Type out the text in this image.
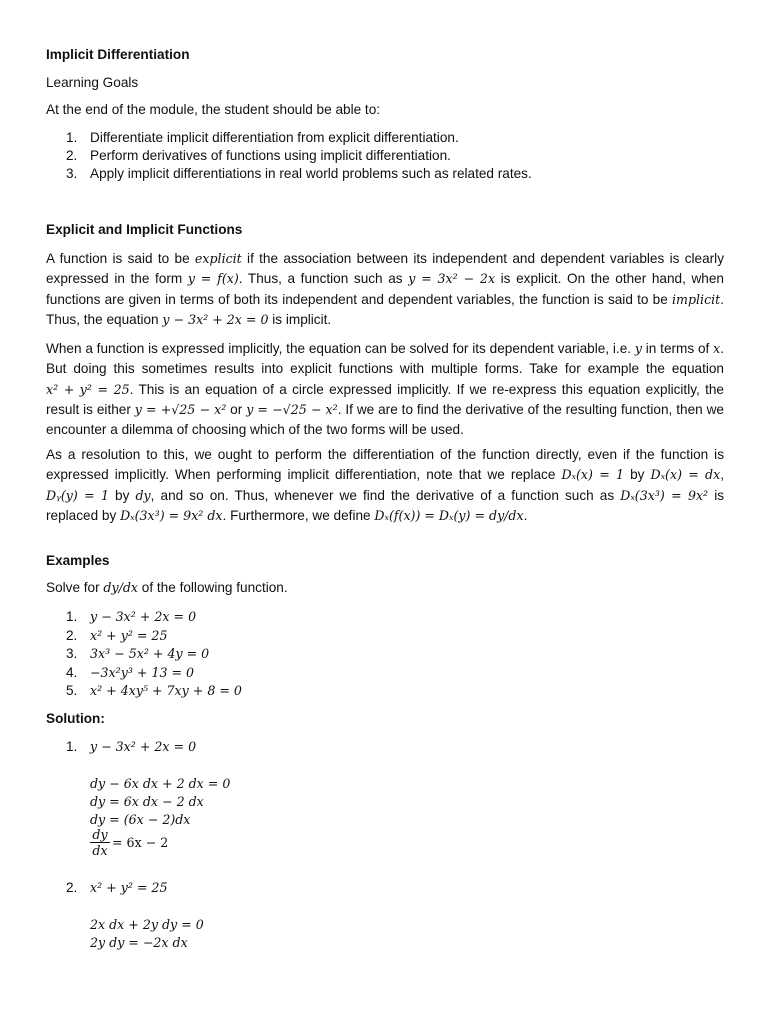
Implicit Differentiation
Learning Goals
At the end of the module, the student should be able to:
1. Differentiate implicit differentiation from explicit differentiation.
2. Perform derivatives of functions using implicit differentiation.
3. Apply implicit differentiations in real world problems such as related rates.
Explicit and Implicit Functions

A function is said to be explicit if the association between its independent and dependent variables is clearly expressed in the form y = f(x). Thus, a function such as y = 3x² − 2x is explicit. On the other hand, when functions are given in terms of both its independent and dependent variables, the function is said to be implicit. Thus, the equation y − 3x² + 2x = 0 is implicit.

When a function is expressed implicitly, the equation can be solved for its dependent variable, i.e. y in terms of x. But doing this sometimes results into explicit functions with multiple forms. Take for example the equation x² + y² = 25. This is an equation of a circle expressed implicitly. If we re-express this equation explicitly, the result is either y = +√25 − x² or y = −√25 − x². If we are to find the derivative of the resulting function, then we encounter a dilemma of choosing which of the two forms will be used.

As a resolution to this, we ought to perform the differentiation of the function directly, even if the function is expressed implicitly. When performing implicit differentiation, note that we replace Dₓ(x) = 1 by Dₓ(x) = dx, Dᵧ(y) = 1 by dy, and so on. Thus, whenever we find the derivative of a function such as Dₓ(3x³) = 9x² is replaced by Dₓ(3x³) = 9x² dx. Furthermore, we define Dₓ(f(x)) = Dₓ(y) = dy/dx.

Examples
Solve for dy/dx of the following function.
1. y − 3x² + 2x = 0
2. x² + y² = 25
3. 3x³ − 5x² + 4y = 0
4. −3x²y³ + 13 = 0
5. x² + 4xy⁵ + 7xy + 8 = 0
Solution:
1. y − 3x² + 2x = 0
dy − 6x dx + 2 dx = 0
dy = 6x dx − 2 dx
dy = (6x − 2)dx
dy
dx
= 6x − 2
2. x² + y² = 25
2x dx + 2y dy = 0
2y dy = −2x dx
